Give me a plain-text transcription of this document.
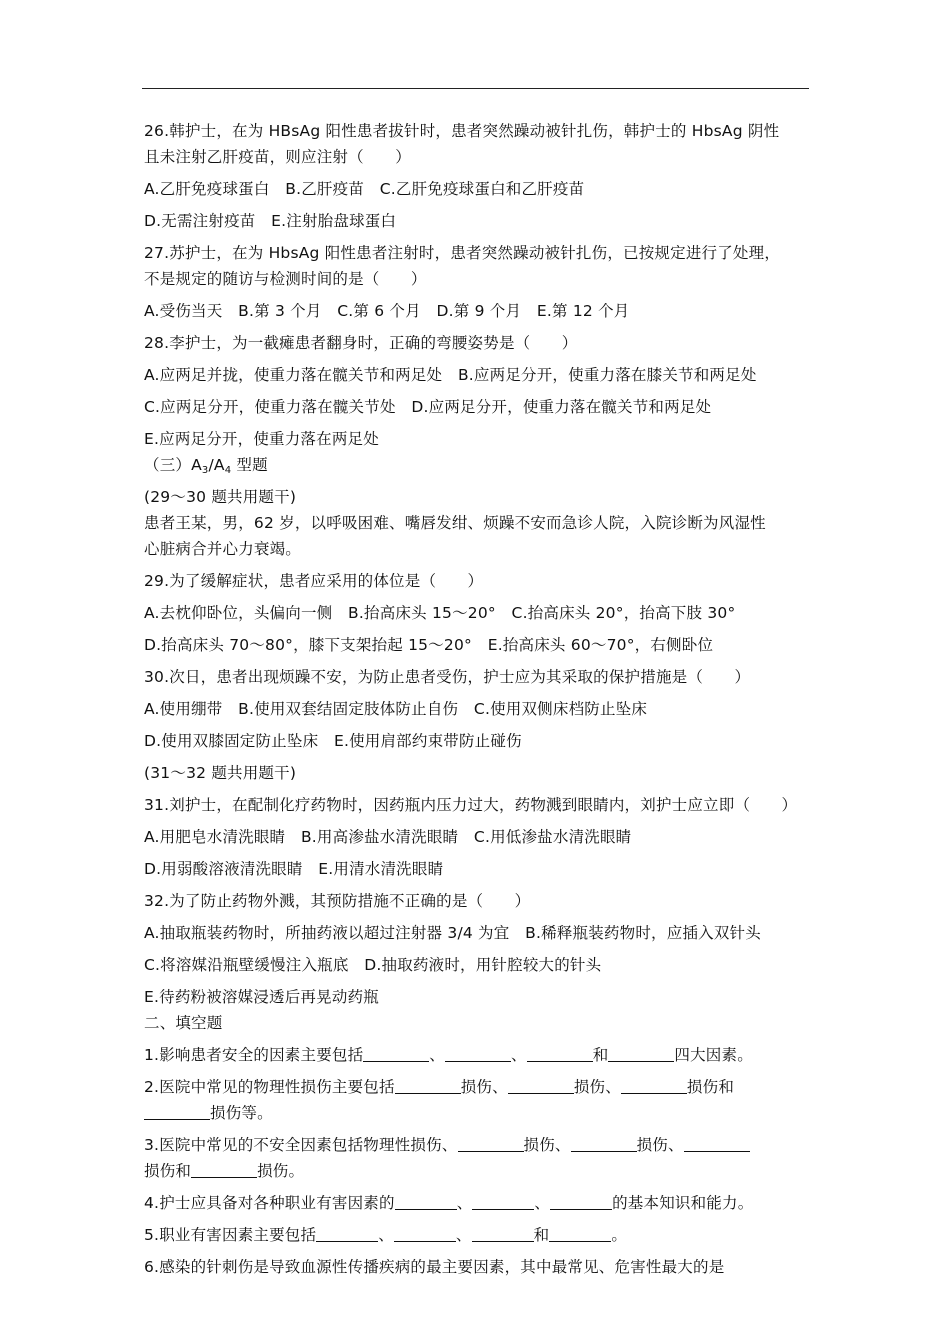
26.韩护士，在为 HBsAg 阳性患者拔针时，患者突然躁动被针扎伤，韩护士的 HbsAg 阴性
且未注射乙肝疫苗，则应注射（　　）
A.乙肝免疫球蛋白　B.乙肝疫苗　C.乙肝免疫球蛋白和乙肝疫苗
D.无需注射疫苗　E.注射胎盘球蛋白
27.苏护士，在为 HbsAg 阳性患者注射时，患者突然躁动被针扎伤，已按规定进行了处理，
不是规定的随访与检测时间的是（　　）
A.受伤当天　B.第 3 个月　C.第 6 个月　D.第 9 个月　E.第 12 个月
28.李护士，为一截瘫患者翻身时，正确的弯腰姿势是（　　）
A.应两足并拢，使重力落在髋关节和两足处　B.应两足分开，使重力落在膝关节和两足处
C.应两足分开，使重力落在髋关节处　D.应两足分开，使重力落在髋关节和两足处
E.应两足分开，使重力落在两足处
（三）$A_3/A_4$ 型题
(29～30 题共用题干)
患者王某，男，62 岁，以呼吸困难、嘴唇发绀、烦躁不安而急诊人院，入院诊断为风湿性
心脏病合并心力衰竭。
29.为了缓解症状，患者应采用的体位是（　　）
A.去枕仰卧位，头偏向一侧　B.抬高床头 15～20°　C.抬高床头 20°，抬高下肢 30°
D.抬高床头 70～80°，膝下支架抬起 15～20°　E.抬高床头 60～70°，右侧卧位
30.次日，患者出现烦躁不安，为防止患者受伤，护士应为其采取的保护措施是（　　）
A.使用绷带　B.使用双套结固定肢体防止自伤　C.使用双侧床档防止坠床
D.使用双膝固定防止坠床　E.使用肩部约束带防止碰伤
(31～32 题共用题干)
31.刘护士，在配制化疗药物时，因药瓶内压力过大，药物溅到眼睛内，刘护士应立即（　　）
A.用肥皂水清洗眼睛　B.用高渗盐水清洗眼睛　C.用低渗盐水清洗眼睛
D.用弱酸溶液清洗眼睛　E.用清水清洗眼睛
32.为了防止药物外溅，其预防措施不正确的是（　　）
A.抽取瓶装药物时，所抽药液以超过注射器 3/4 为宜　B.稀释瓶装药物时，应插入双针头
C.将溶媒沿瓶壁缓慢注入瓶底　D.抽取药液时，用针腔较大的针头
E.待药粉被溶媒浸透后再晃动药瓶
二、填空题
1.影响患者安全的因素主要包括	、	、	和	四大因素。
2.医院中常见的物理性损伤主要包括	损伤、	损伤、	损伤和
损伤等。
3.医院中常见的不安全因素包括物理性损伤、	损伤、	损伤、
损伤和	损伤。
4.护士应具备对各种职业有害因素的	、	、	的基本知识和能力。
5.职业有害因素主要包括	、	、	和	。
6.感染的针刺伤是导致血源性传播疾病的最主要因素，其中最常见、危害性最大的是
